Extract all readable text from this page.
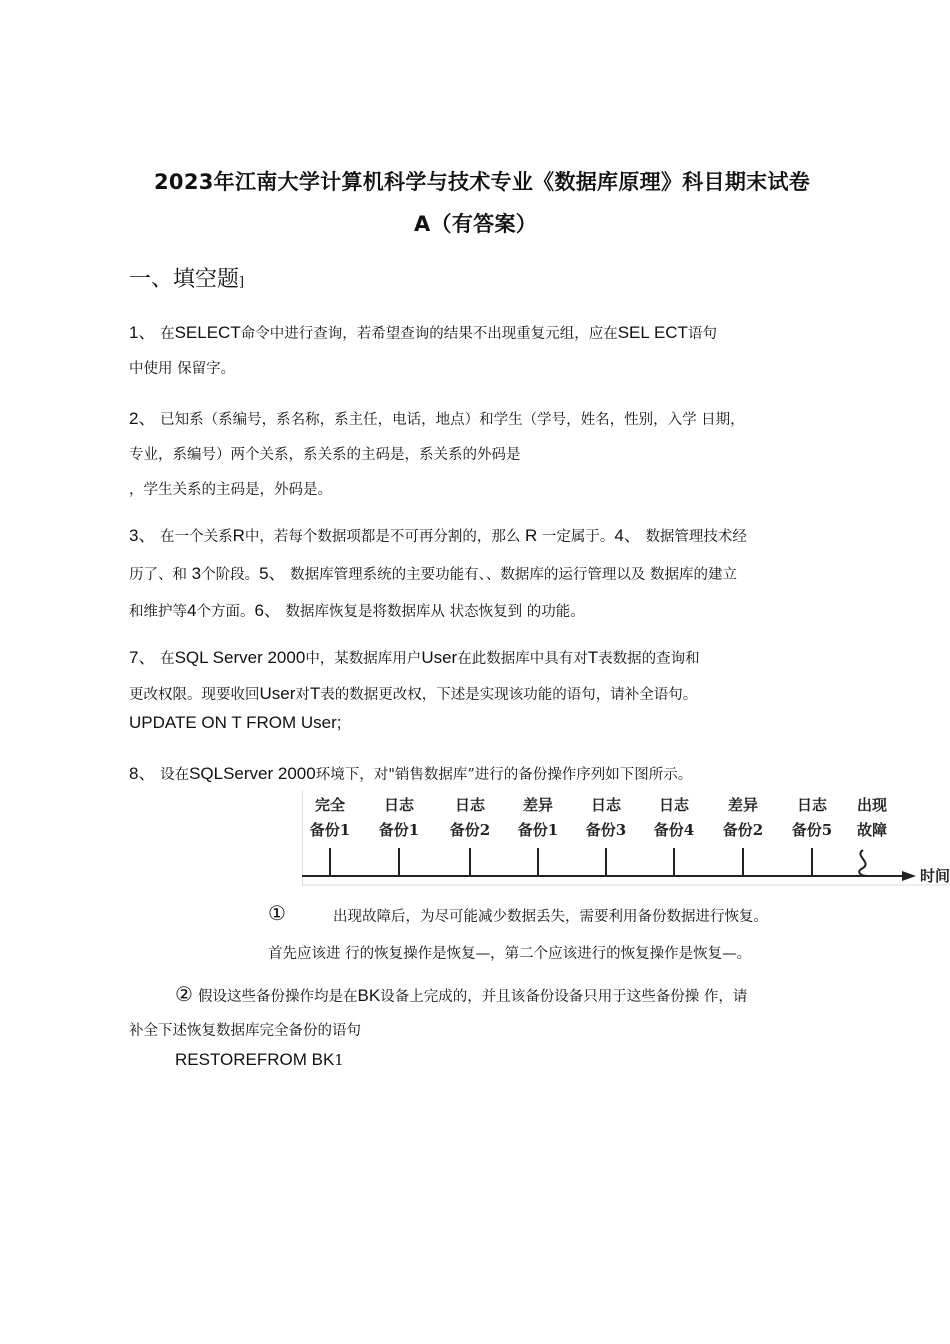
2023年江南大学计算机科学与技术专业《数据库原理》科目期末试卷
A（有答案）
一、填空题]
1、 在SELECT命令中进行查询，若希望查询的结果不出现重复元组，应在SEL ECT语句
中使用 保留字。
2、 已知系（系编号，系名称，系主任，电话，地点）和学生（学号，姓名，性别，入学 日期，
专业，系编号）两个关系，系关系的主码是，系关系的外码是
，学生关系的主码是，外码是。
3、 在一个关系R中，若每个数据项都是不可再分割的，那么 R 一定属于。4、 数据管理技术经
历了、和 3个阶段。5、 数据库管理系统的主要功能有、、数据库的运行管理以及 数据库的建立
和维护等4个方面。6、 数据库恢复是将数据库从 状态恢复到 的功能。
7、 在SQL Server 2000中，某数据库用户User在此数据库中具有对T表数据的查询和
更改权限。现要收回User对T表的数据更改权，下述是实现该功能的语句，请补全语句。
UPDATE ON T FROM User;
8、 设在SQLServer 2000环境下，对"销售数据库”进行的备份操作序列如下图所示。
完全
备份1
日志
备份1
日志
备份2
差异
备份1
日志
备份3
日志
备份4
差异
备份2
日志
备份5
出现
故障
时间
①	出现故障后，为尽可能减少数据丢失，需要利用备份数据进行恢复。
首先应该进 行的恢复操作是恢复—，第二个应该进行的恢复操作是恢复—。
② 假设这些备份操作均是在BK设备上完成的，并且该备份设备只用于这些备份操 作，请
补全下述恢复数据库完全备份的语句
RESTOREFROM BK1
